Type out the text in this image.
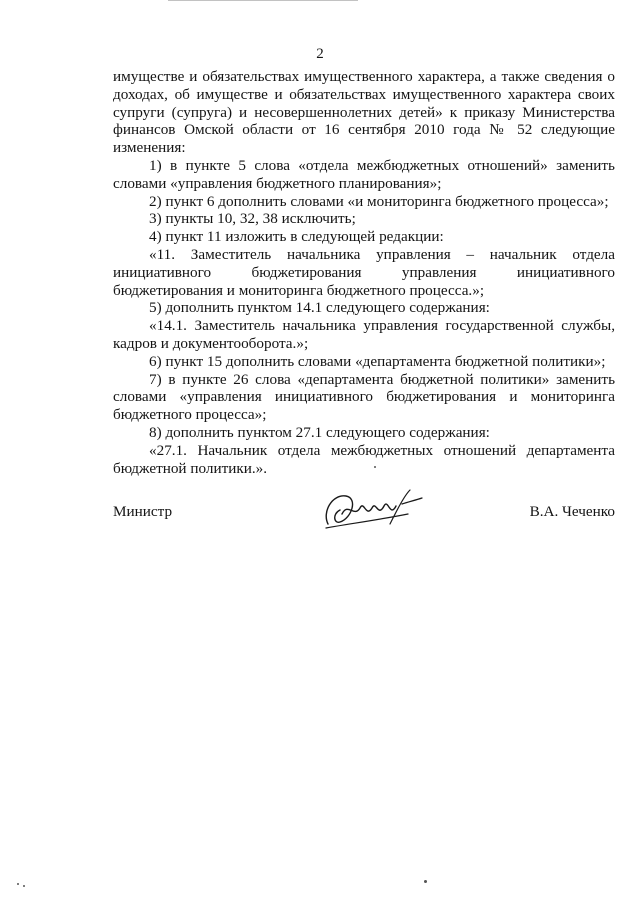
2

имуществе и обязательствах имущественного характера, а также сведения о доходах, об имуществе и обязательствах имущественного характера своих супруги (супруга) и несовершеннолетних детей» к приказу Министерства финансов Омской области от 16 сентября 2010 года № 52 следующие изменения:

1) в пункте 5 слова «отдела межбюджетных отношений» заменить словами «управления бюджетного планирования»;

2) пункт 6 дополнить словами «и мониторинга бюджетного процесса»;

3) пункты 10, 32, 38 исключить;

4) пункт 11 изложить в следующей редакции:

«11. Заместитель начальника управления – начальник отдела инициативного бюджетирования управления инициативного бюджетирования и мониторинга бюджетного процесса.»;

5) дополнить пунктом 14.1 следующего содержания:

«14.1. Заместитель начальника управления государственной службы, кадров и документооборота.»;

6) пункт 15 дополнить словами «департамента бюджетной политики»;

7) в пункте 26 слова «департамента бюджетной политики» заменить словами «управления инициативного бюджетирования и мониторинга бюджетного процесса»;

8) дополнить пунктом 27.1 следующего содержания:

«27.1. Начальник отдела межбюджетных отношений департамента бюджетной политики.».

Министр	В.А. Чеченко
